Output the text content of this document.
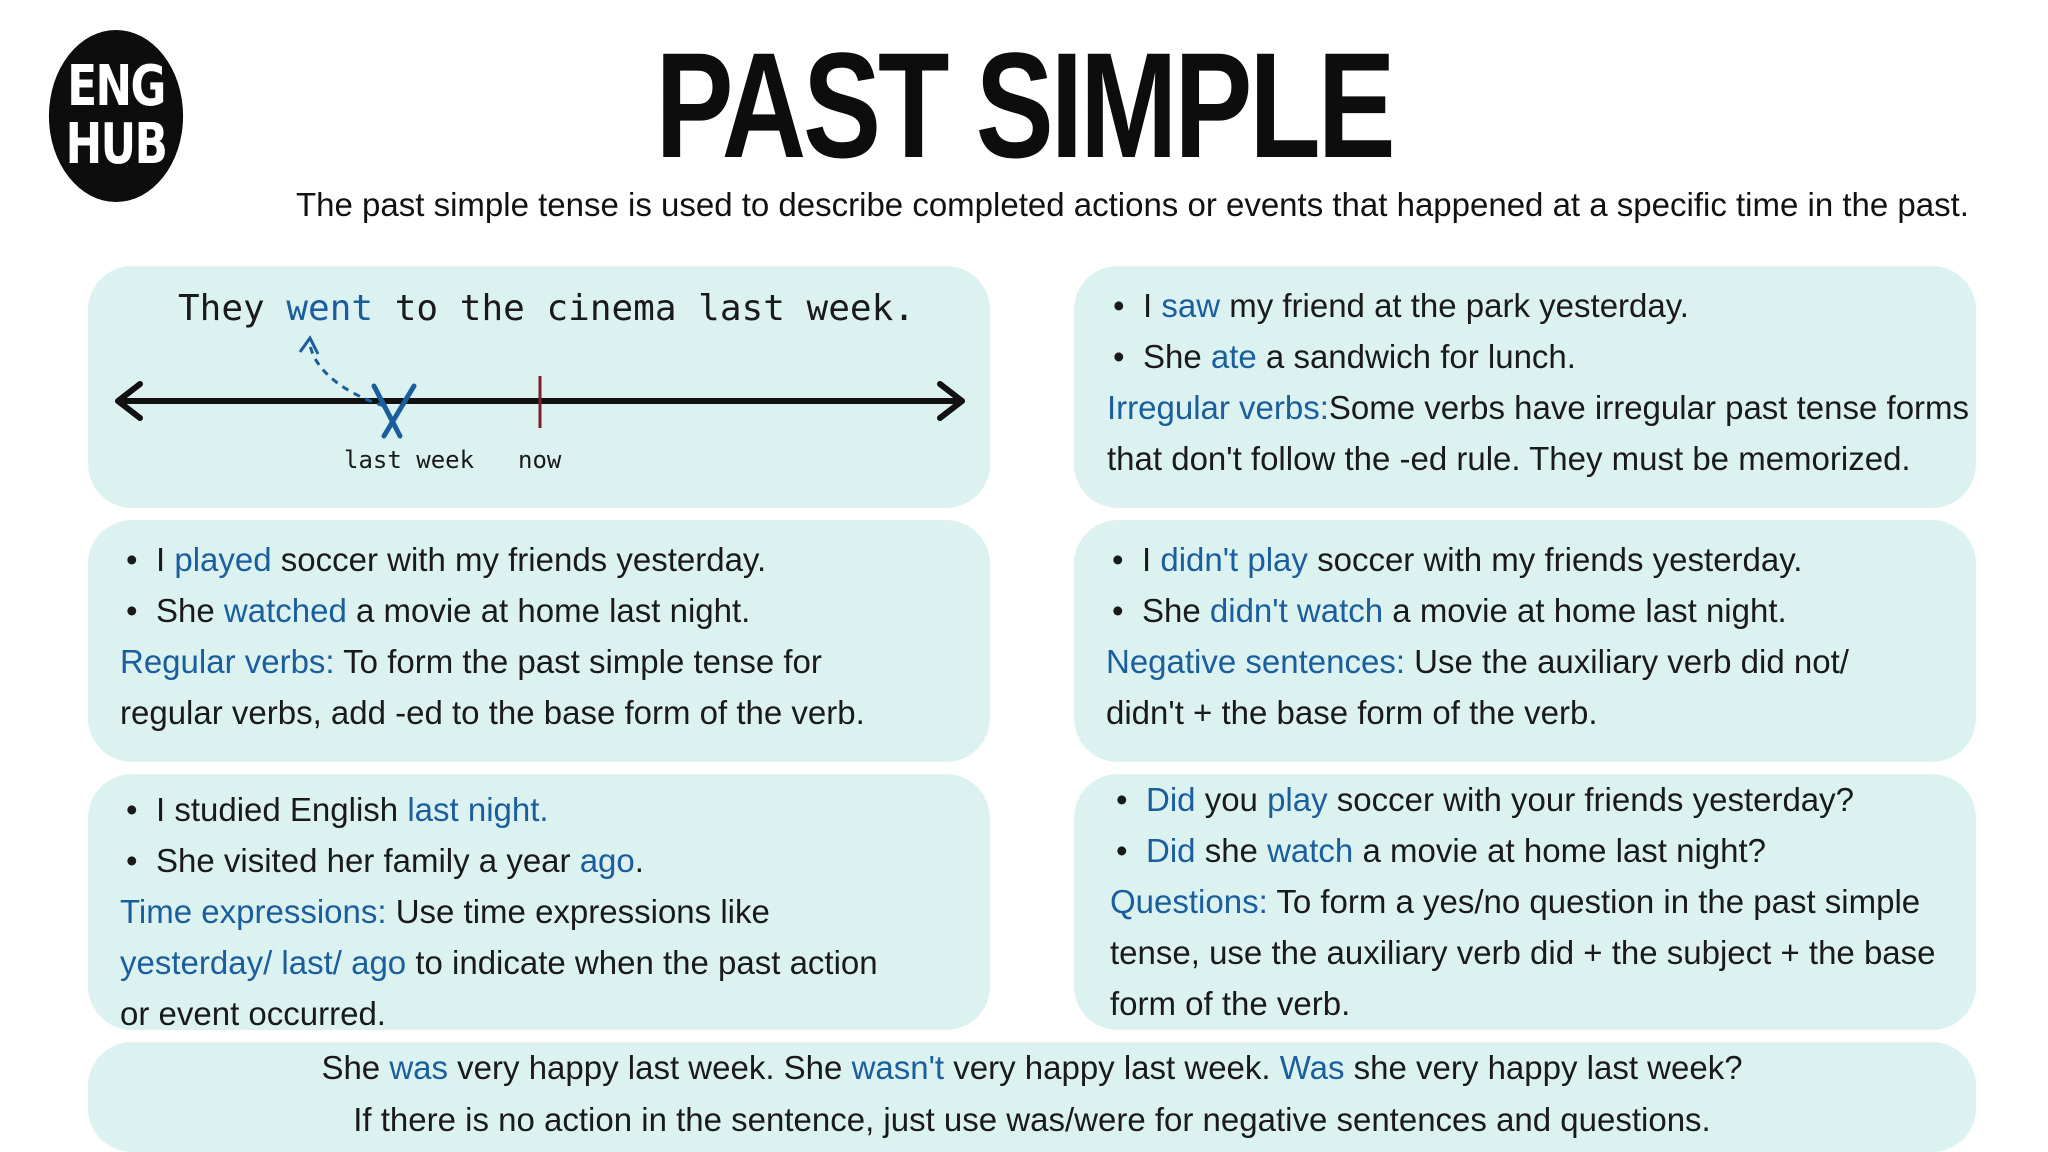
ENG
HUB	PAST SIMPLE
The past simple tense is used to describe completed actions or events that happened at a specific time in the past.
They went to the cinema last week.
last week now
• I saw my friend at the park yesterday.
• She ate a sandwich for lunch.
Irregular verbs:Some verbs have irregular past tense forms
that don't follow the -ed rule. They must be memorized.
• I played soccer with my friends yesterday.
• She watched a movie at home last night.
Regular verbs: To form the past simple tense for
regular verbs, add -ed to the base form of the verb.
• I didn't play soccer with my friends yesterday.
• She didn't watch a movie at home last night.
Negative sentences: Use the auxiliary verb did not/
didn't + the base form of the verb.
• I studied English last night.
• She visited her family a year ago.
Time expressions: Use time expressions like
yesterday/ last/ ago to indicate when the past action
or event occurred.
• Did you play soccer with your friends yesterday?
• Did she watch a movie at home last night?
Questions: To form a yes/no question in the past simple
tense, use the auxiliary verb did + the subject + the base
form of the verb.
She was very happy last week. She wasn't very happy last week. Was she very happy last week?
If there is no action in the sentence, just use was/were for negative sentences and questions.
